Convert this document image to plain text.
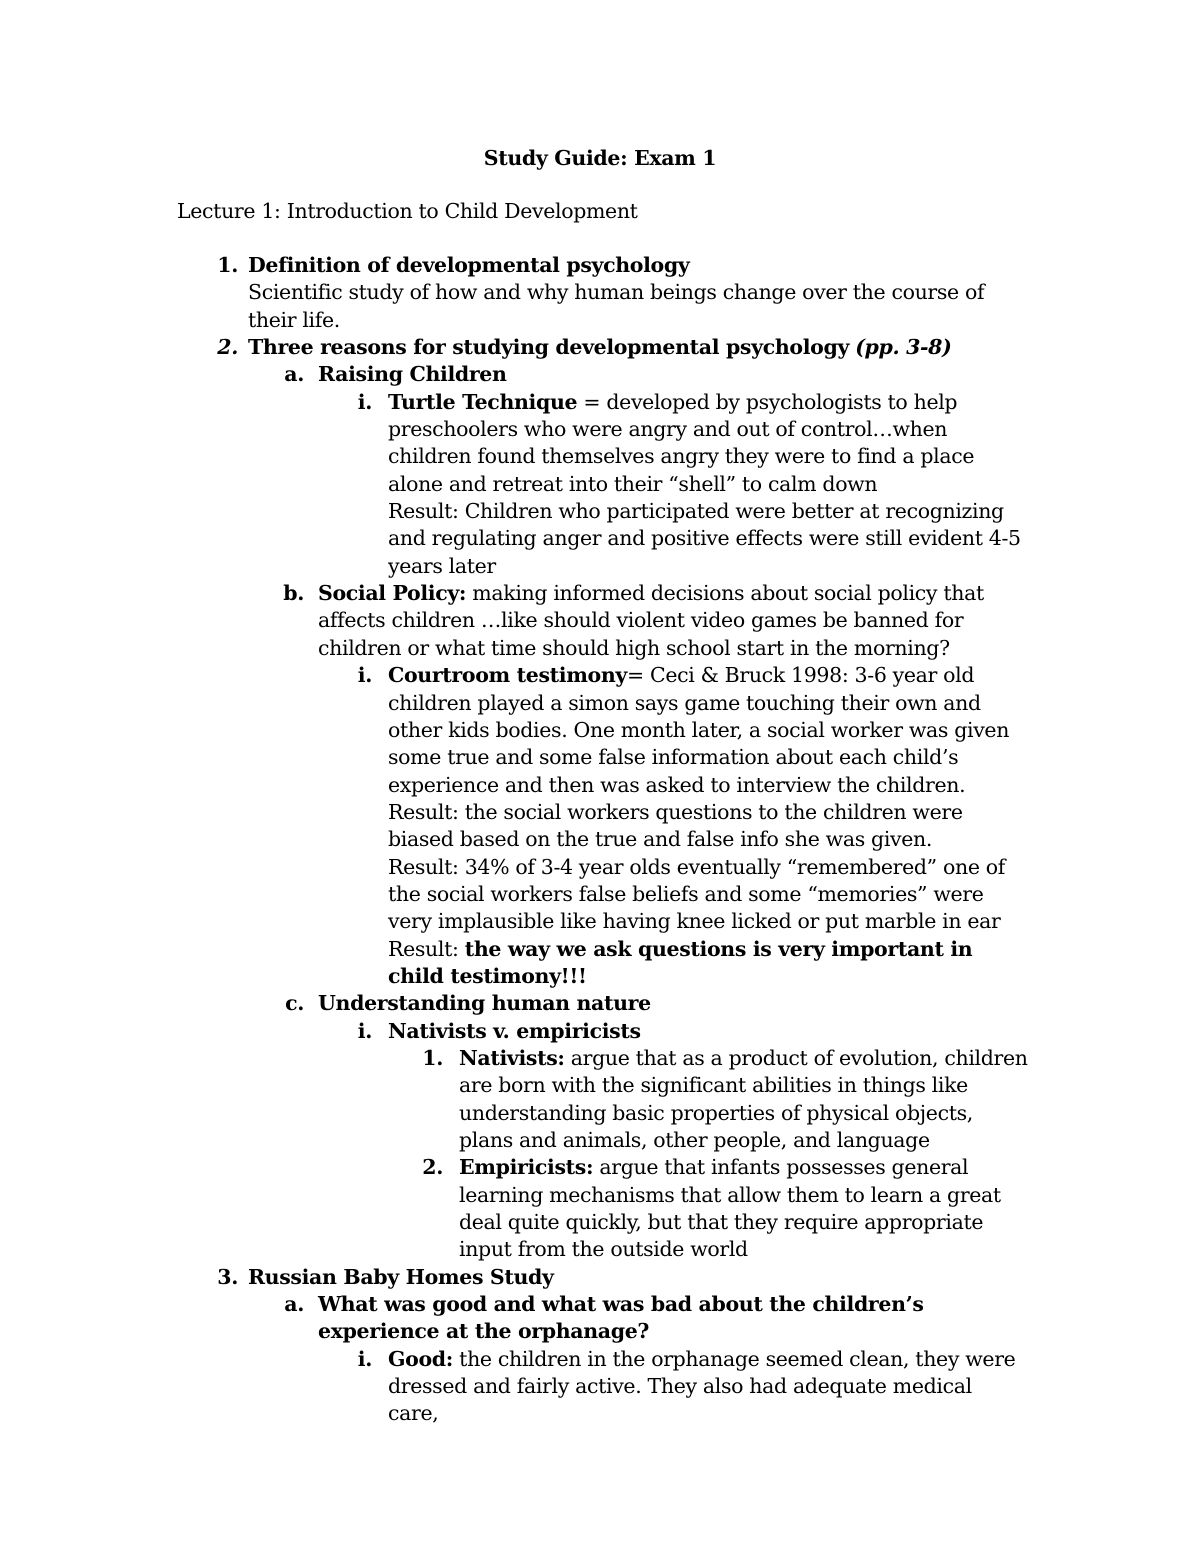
Study Guide: Exam 1
Lecture 1: Introduction to Child Development
1. Definition of developmental psychology
Scientific study of how and why human beings change over the course of their life.
2. Three reasons for studying developmental psychology (pp. 3-8)
a. Raising Children
i. Turtle Technique = developed by psychologists to help preschoolers who were angry and out of control…when children found themselves angry they were to find a place alone and retreat into their “shell” to calm down
Result: Children who participated were better at recognizing and regulating anger and positive effects were still evident 4-5 years later
b. Social Policy: making informed decisions about social policy that affects children …like should violent video games be banned for children or what time should high school start in the morning?
i. Courtroom testimony= Ceci & Bruck 1998: 3-6 year old children played a simon says game touching their own and other kids bodies. One month later, a social worker was given some true and some false information about each child’s experience and then was asked to interview the children.
Result: the social workers questions to the children were biased based on the true and false info she was given.
Result: 34% of 3-4 year olds eventually “remembered” one of the social workers false beliefs and some “memories” were very implausible like having knee licked or put marble in ear
Result: the way we ask questions is very important in child testimony!!!
c. Understanding human nature
i. Nativists v. empiricists
1. Nativists: argue that as a product of evolution, children are born with the significant abilities in things like understanding basic properties of physical objects, plans and animals, other people, and language
2. Empiricists: argue that infants possesses general learning mechanisms that allow them to learn a great deal quite quickly, but that they require appropriate input from the outside world
3. Russian Baby Homes Study
a. What was good and what was bad about the children’s experience at the orphanage?
i. Good: the children in the orphanage seemed clean, they were dressed and fairly active. They also had adequate medical care,
